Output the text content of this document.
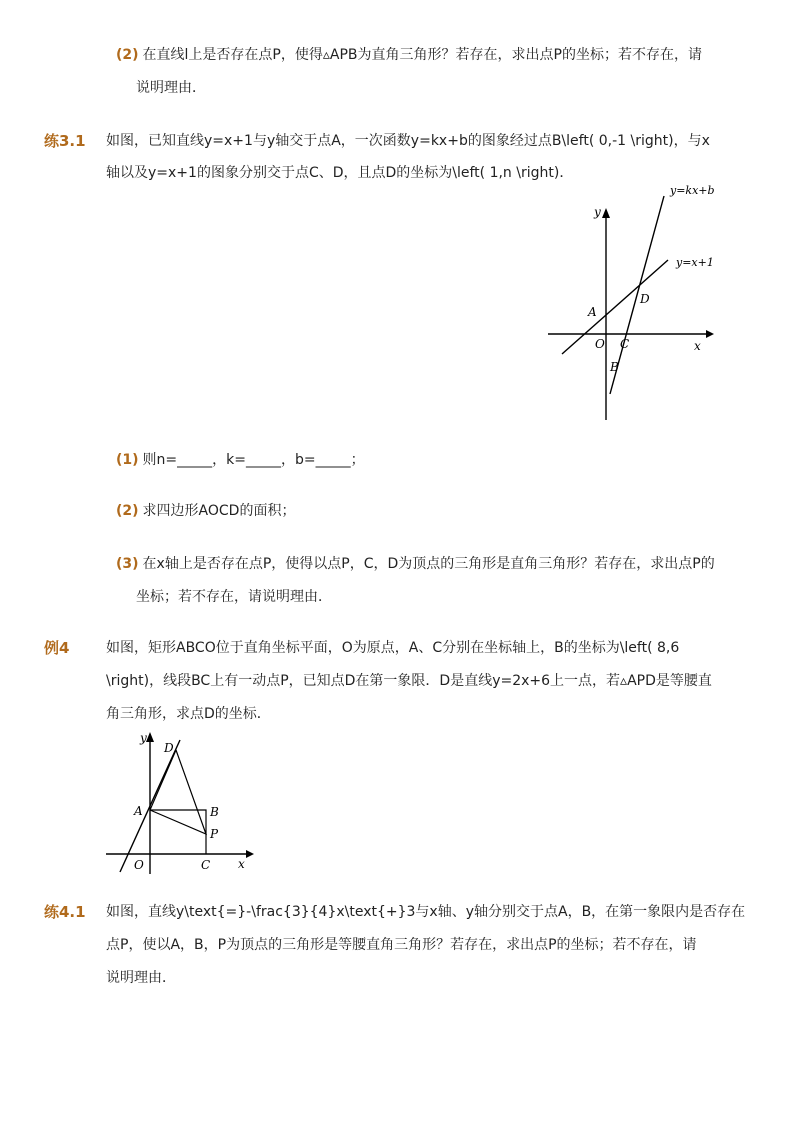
(2) 在直线l上是否存在点P，使得▵APB为直角三角形？若存在，求出点P的坐标；若不存在，请
说明理由．
练3.1 如图，已知直线y=x+1与y轴交于点A，一次函数y=kx+b的图象经过点B\left( 0,-1 \right)，与x
轴以及y=x+1的图象分别交于点C、D，且点D的坐标为\left( 1,n \right)．
y=kx+b
y=x+1
y
x
A
D
O C
B
(1) 则n=_____，k=_____，b=_____；
(2) 求四边形AOCD的面积；
(3) 在x轴上是否存在点P，使得以点P，C，D为顶点的三角形是直角三角形？若存在，求出点P的
坐标；若不存在，请说明理由．
例4	如图，矩形ABCO位于直角坐标平面，O为原点，A、C分别在坐标轴上，B的坐标为\left( 8,6
\right)，线段BC上有一动点P，已知点D在第一象限．D是直线y=2x+6上一点，若▵APD是等腰直
角三角形，求点D的坐标．
y
x
D
A	B
P
O	C
练4.1 如图，直线y\text{=}-\frac{3}{4}x\text{+}3与x轴、y轴分别交于点A，B，在第一象限内是否存在
点P，使以A，B，P为顶点的三角形是等腰直角三角形？若存在，求出点P的坐标；若不存在，请
说明理由．
